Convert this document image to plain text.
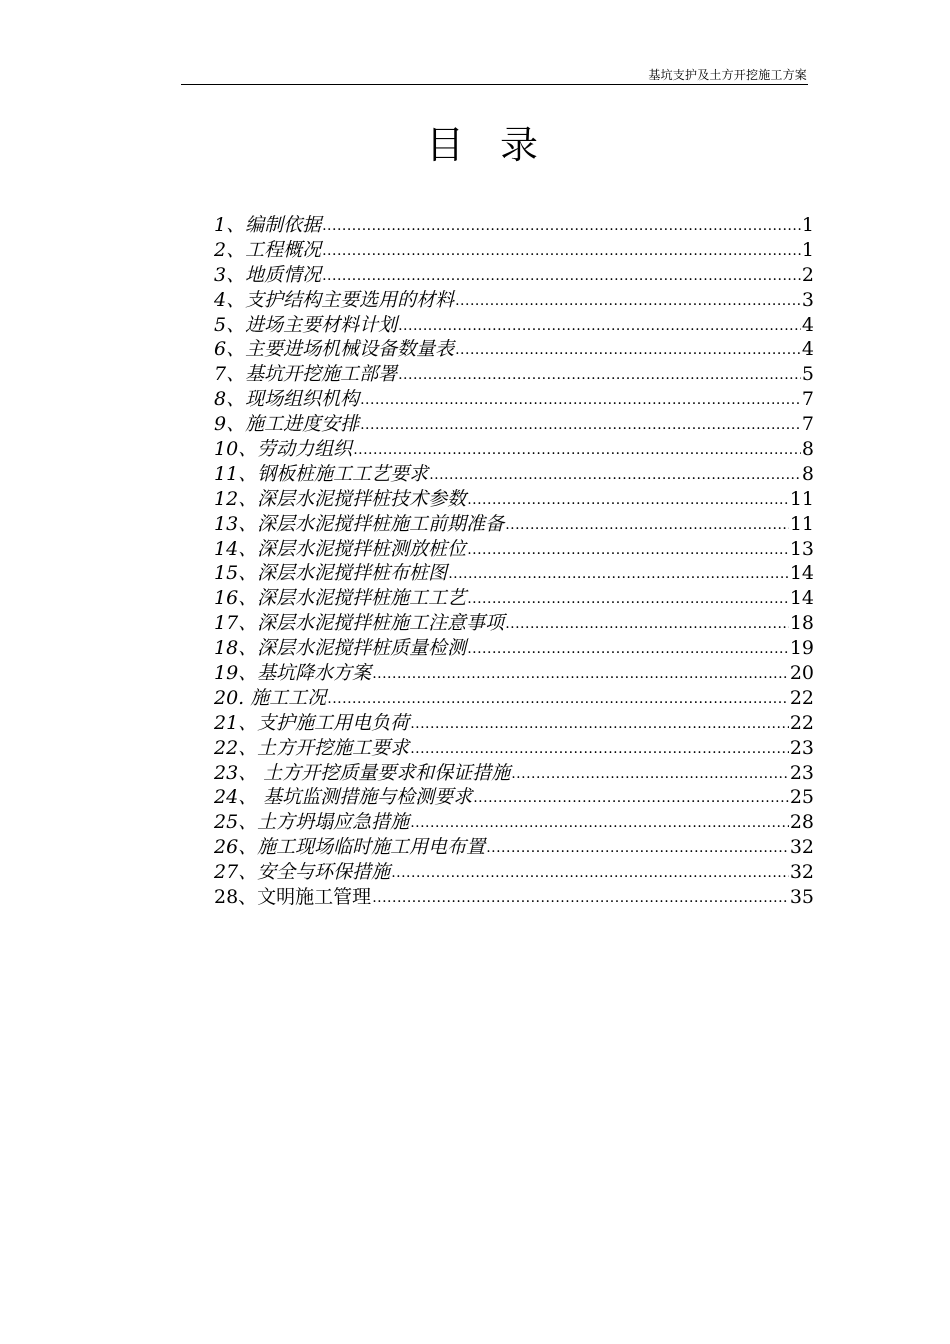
基坑支护及土方开挖施工方案
目录
1、编制依据 .....	1
2、工程概况 .....	1
3、地质情况 .....	2
4、支护结构主要选用的材料 .....	3
5、进场主要材料计划 .....	4
6、主要进场机械设备数量表 .....	4
7、基坑开挖施工部署 .....	5
8、现场组织机构 .....	7
9、施工进度安排 .....	7
10、劳动力组织 .....	8
11、钢板桩施工工艺要求 .....	8
12、深层水泥搅拌桩技术参数 .....	11
13、深层水泥搅拌桩施工前期准备 .....	11
14、深层水泥搅拌桩测放桩位 .....	13
15、深层水泥搅拌桩布桩图 .....	14
16、深层水泥搅拌桩施工工艺 .....	14
17、深层水泥搅拌桩施工注意事项 .....	18
18、深层水泥搅拌桩质量检测 .....	19
19、基坑降水方案 .....	20
20. 施工工况 .....	22
21、支护施工用电负荷 .....	22
22、土方开挖施工要求 .....	23
23、 土方开挖质量要求和保证措施 .....	23
24、 基坑监测措施与检测要求 .....	25
25、土方坍塌应急措施 .....	28
26、施工现场临时施工用电布置 .....	32
27、安全与环保措施 .....	32
28、文明施工管理 .....	35
